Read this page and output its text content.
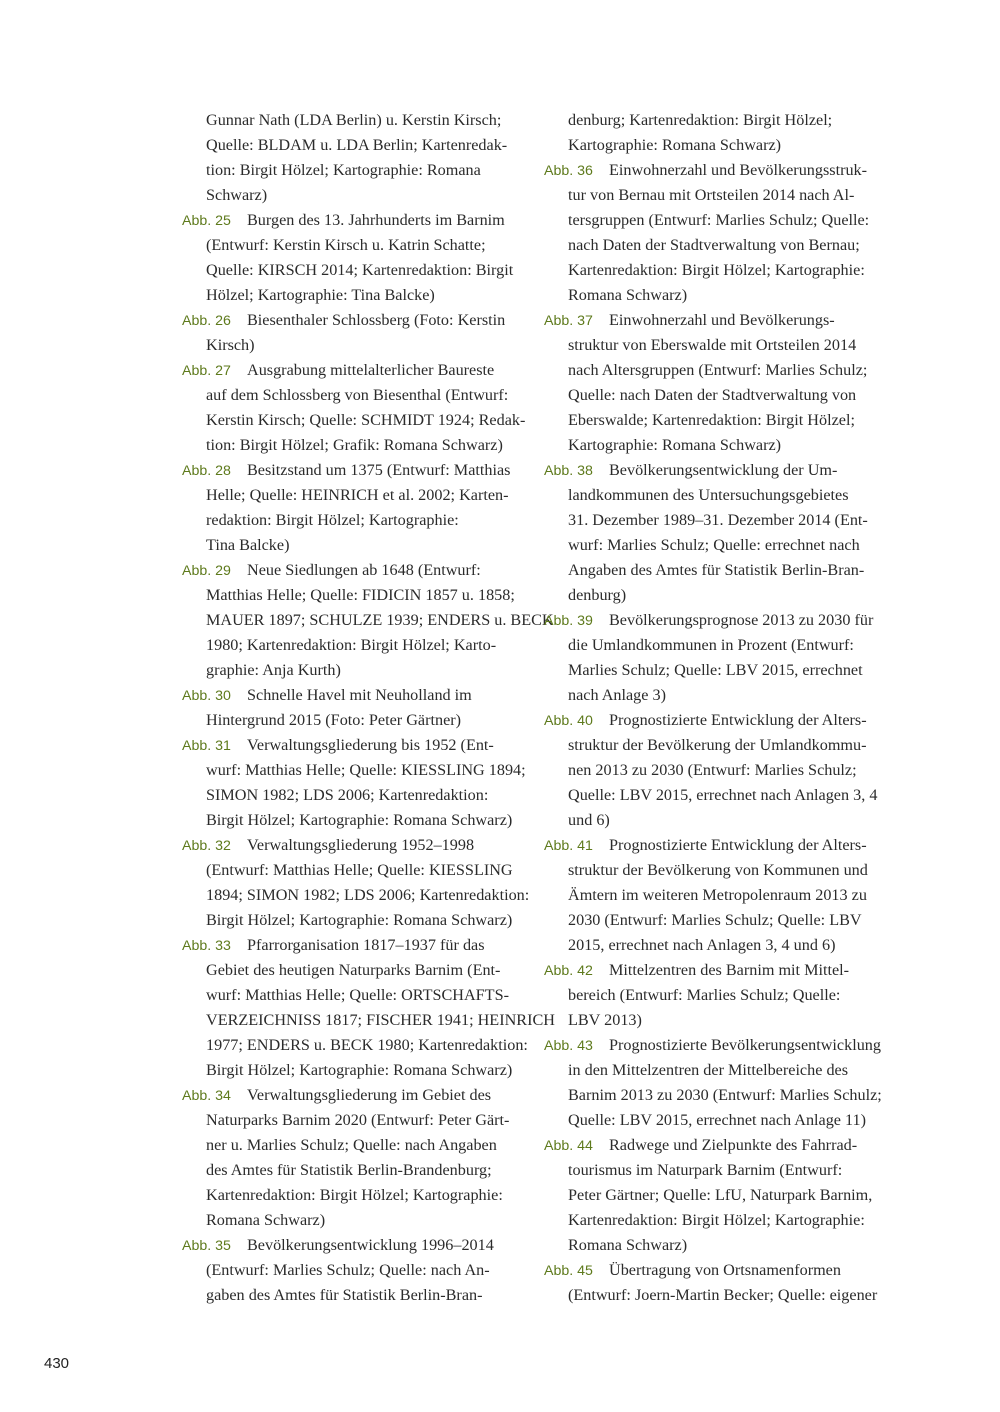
Gunnar Nath (LDA Berlin) u. Kerstin Kirsch;
Quelle: BLDAM u. LDA Berlin; Kartenredak-
tion: Birgit Hölzel; Kartographie: Romana
Schwarz)
Abb. 25 Burgen des 13. Jahrhunderts im Barnim
(Entwurf: Kerstin Kirsch u. Katrin Schatte;
Quelle: KIRSCH 2014; Kartenredaktion: Birgit
Hölzel; Kartographie: Tina Balcke)
Abb. 26 Biesenthaler Schlossberg (Foto: Kerstin
Kirsch)
Abb. 27 Ausgrabung mittelalterlicher Baureste
auf dem Schlossberg von Biesenthal (Entwurf:
Kerstin Kirsch; Quelle: SCHMIDT 1924; Redak-
tion: Birgit Hölzel; Grafik: Romana Schwarz)
Abb. 28 Besitzstand um 1375 (Entwurf: Matthias
Helle; Quelle: HEINRICH et al. 2002; Karten-
redaktion: Birgit Hölzel; Kartographie:
Tina Balcke)
Abb. 29 Neue Siedlungen ab 1648 (Entwurf:
Matthias Helle; Quelle: FIDICIN 1857 u. 1858;
MAUER 1897; SCHULZE 1939; ENDERS u. BECK
1980; Kartenredaktion: Birgit Hölzel; Karto-
graphie: Anja Kurth)
Abb. 30 Schnelle Havel mit Neuholland im
Hintergrund 2015 (Foto: Peter Gärtner)
Abb. 31 Verwaltungsgliederung bis 1952 (Ent-
wurf: Matthias Helle; Quelle: KIESSLING 1894;
SIMON 1982; LDS 2006; Kartenredaktion:
Birgit Hölzel; Kartographie: Romana Schwarz)
Abb. 32 Verwaltungsgliederung 1952–1998
(Entwurf: Matthias Helle; Quelle: KIESSLING
1894; SIMON 1982; LDS 2006; Kartenredaktion:
Birgit Hölzel; Kartographie: Romana Schwarz)
Abb. 33 Pfarrorganisation 1817–1937 für das
Gebiet des heutigen Naturparks Barnim (Ent-
wurf: Matthias Helle; Quelle: ORTSCHAFTS-
VERZEICHNISS 1817; FISCHER 1941; HEINRICH
1977; ENDERS u. BECK 1980; Kartenredaktion:
Birgit Hölzel; Kartographie: Romana Schwarz)
Abb. 34 Verwaltungsgliederung im Gebiet des
Naturparks Barnim 2020 (Entwurf: Peter Gärt-
ner u. Marlies Schulz; Quelle: nach Angaben
des Amtes für Statistik Berlin-Brandenburg;
Kartenredaktion: Birgit Hölzel; Kartographie:
Romana Schwarz)
Abb. 35 Bevölkerungsentwicklung 1996–2014
(Entwurf: Marlies Schulz; Quelle: nach An-
gaben des Amtes für Statistik Berlin-Bran-
denburg; Kartenredaktion: Birgit Hölzel;
Kartographie: Romana Schwarz)
Abb. 36 Einwohnerzahl und Bevölkerungsstruk-
tur von Bernau mit Ortsteilen 2014 nach Al-
tersgruppen (Entwurf: Marlies Schulz; Quelle:
nach Daten der Stadtverwaltung von Bernau;
Kartenredaktion: Birgit Hölzel; Kartographie:
Romana Schwarz)
Abb. 37 Einwohnerzahl und Bevölkerungs-
struktur von Eberswalde mit Ortsteilen 2014
nach Altersgruppen (Entwurf: Marlies Schulz;
Quelle: nach Daten der Stadtverwaltung von
Eberswalde; Kartenredaktion: Birgit Hölzel;
Kartographie: Romana Schwarz)
Abb. 38 Bevölkerungsentwicklung der Um-
landkommunen des Untersuchungsgebietes
31. Dezember 1989–31. Dezember 2014 (Ent-
wurf: Marlies Schulz; Quelle: errechnet nach
Angaben des Amtes für Statistik Berlin-Bran-
denburg)
Abb. 39 Bevölkerungsprognose 2013 zu 2030 für
die Umlandkommunen in Prozent (Entwurf:
Marlies Schulz; Quelle: LBV 2015, errechnet
nach Anlage 3)
Abb. 40 Prognostizierte Entwicklung der Alters-
struktur der Bevölkerung der Umlandkommu-
nen 2013 zu 2030 (Entwurf: Marlies Schulz;
Quelle: LBV 2015, errechnet nach Anlagen 3, 4
und 6)
Abb. 41 Prognostizierte Entwicklung der Alters-
struktur der Bevölkerung von Kommunen und
Ämtern im weiteren Metropolenraum 2013 zu
2030 (Entwurf: Marlies Schulz; Quelle: LBV
2015, errechnet nach Anlagen 3, 4 und 6)
Abb. 42 Mittelzentren des Barnim mit Mittel-
bereich (Entwurf: Marlies Schulz; Quelle:
LBV 2013)
Abb. 43 Prognostizierte Bevölkerungsentwicklung
in den Mittelzentren der Mittelbereiche des
Barnim 2013 zu 2030 (Entwurf: Marlies Schulz;
Quelle: LBV 2015, errechnet nach Anlage 11)
Abb. 44 Radwege und Zielpunkte des Fahrrad-
tourismus im Naturpark Barnim (Entwurf:
Peter Gärtner; Quelle: LfU, Naturpark Barnim,
Kartenredaktion: Birgit Hölzel; Kartographie:
Romana Schwarz)
Abb. 45 Übertragung von Ortsnamenformen
(Entwurf: Joern-Martin Becker; Quelle: eigener
430
